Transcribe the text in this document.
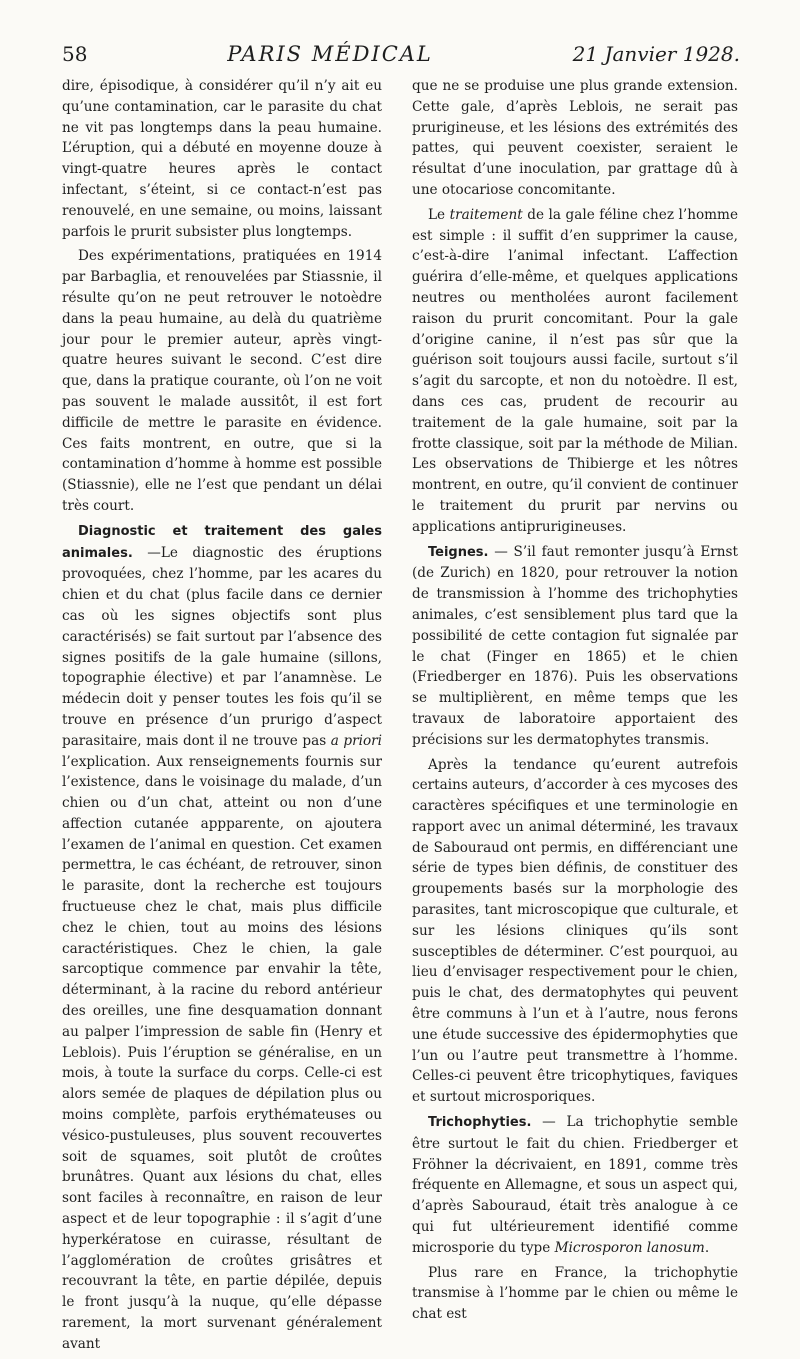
58	PARIS MÉDICAL	21 Janvier 1928.

dire, épisodique, à considérer qu’il n’y ait eu qu’une contamination, car le parasite du chat ne vit pas longtemps dans la peau humaine. L’éruption, qui a débuté en moyenne douze à vingt-quatre heures après le contact infectant, s’éteint, si ce contact-n’est pas renouvelé, en une semaine, ou moins, laissant parfois le prurit subsister plus longtemps.

Des expérimentations, pratiquées en 1914 par Barbaglia, et renouvelées par Stiassnie, il résulte qu’on ne peut retrouver le notoèdre dans la peau humaine, au delà du quatrième jour pour le premier auteur, après vingt-quatre heures suivant le second. C’est dire que, dans la pratique courante, où l’on ne voit pas souvent le malade aussitôt, il est fort difficile de mettre le parasite en évidence. Ces faits montrent, en outre, que si la contamination d’homme à homme est possible (Stiassnie), elle ne l’est que pendant un délai très court.

Diagnostic et traitement des gales animales. —Le diagnostic des éruptions provoquées, chez l’homme, par les acares du chien et du chat (plus facile dans ce dernier cas où les signes objectifs sont plus caractérisés) se fait surtout par l’absence des signes positifs de la gale humaine (sillons, topographie élective) et par l’anamnèse. Le médecin doit y penser toutes les fois qu’il se trouve en présence d’un prurigo d’aspect parasitaire, mais dont il ne trouve pas a priori l’explication. Aux renseignements fournis sur l’existence, dans le voisinage du malade, d’un chien ou d’un chat, atteint ou non d’une affection cutanée appparente, on ajoutera l’examen de l’animal en question. Cet examen permettra, le cas échéant, de retrouver, sinon le parasite, dont la recherche est toujours fructueuse chez le chat, mais plus difficile chez le chien, tout au moins des lésions caractéristiques. Chez le chien, la gale sarcoptique commence par envahir la tête, déterminant, à la racine du rebord antérieur des oreilles, une fine desquamation donnant au palper l’impression de sable fin (Henry et Leblois). Puis l’éruption se généralise, en un mois, à toute la surface du corps. Celle-ci est alors semée de plaques de dépilation plus ou moins complète, parfois erythémateuses ou vésico-pustuleuses, plus souvent recouvertes soit de squames, soit plutôt de croûtes brunâtres. Quant aux lésions du chat, elles sont faciles à reconnaître, en raison de leur aspect et de leur topographie : il s’agit d’une hyperkératose en cuirasse, résultant de l’agglomération de croûtes grisâtres et recouvrant la tête, en partie dépilée, depuis le front jusqu’à la nuque, qu’elle dépasse rarement, la mort survenant généralement avant

que ne se produise une plus grande extension. Cette gale, d’après Leblois, ne serait pas prurigineuse, et les lésions des extrémités des pattes, qui peuvent coexister, seraient le résultat d’une inoculation, par grattage dû à une otocariose concomitante.

Le traitement de la gale féline chez l’homme est simple : il suffit d’en supprimer la cause, c’est-à-dire l’animal infectant. L’affection guérira d’elle-même, et quelques applications neutres ou mentholées auront facilement raison du prurit concomitant. Pour la gale d’origine canine, il n’est pas sûr que la guérison soit toujours aussi facile, surtout s’il s’agit du sarcopte, et non du notoèdre. Il est, dans ces cas, prudent de recourir au traitement de la gale humaine, soit par la frotte classique, soit par la méthode de Milian. Les observations de Thibierge et les nôtres montrent, en outre, qu’il convient de continuer le traitement du prurit par nervins ou applications antiprurigineuses.

Teignes. — S’il faut remonter jusqu’à Ernst (de Zurich) en 1820, pour retrouver la notion de transmission à l’homme des trichophyties animales, c’est sensiblement plus tard que la possibilité de cette contagion fut signalée par le chat (Finger en 1865) et le chien (Friedberger en 1876). Puis les observations se multiplièrent, en même temps que les travaux de laboratoire apportaient des précisions sur les dermatophytes transmis.

Après la tendance qu’eurent autrefois certains auteurs, d’accorder à ces mycoses des caractères spécifiques et une terminologie en rapport avec un animal déterminé, les travaux de Sabouraud ont permis, en différenciant une série de types bien définis, de constituer des groupements basés sur la morphologie des parasites, tant microscopique que culturale, et sur les lésions cliniques qu’ils sont susceptibles de déterminer. C’est pourquoi, au lieu d’envisager respectivement pour le chien, puis le chat, des dermatophytes qui peuvent être communs à l’un et à l’autre, nous ferons une étude successive des épidermophyties que l’un ou l’autre peut transmettre à l’homme. Celles-ci peuvent être tricophytiques, faviques et surtout microsporiques.

Trichophyties. — La trichophytie semble être surtout le fait du chien. Friedberger et Fröhner la décrivaient, en 1891, comme très fréquente en Allemagne, et sous un aspect qui, d’après Sabouraud, était très analogue à ce qui fut ultérieurement identifié comme microsporie du type Microsporon lanosum.

Plus rare en France, la trichophytie transmise à l’homme par le chien ou même le chat est
